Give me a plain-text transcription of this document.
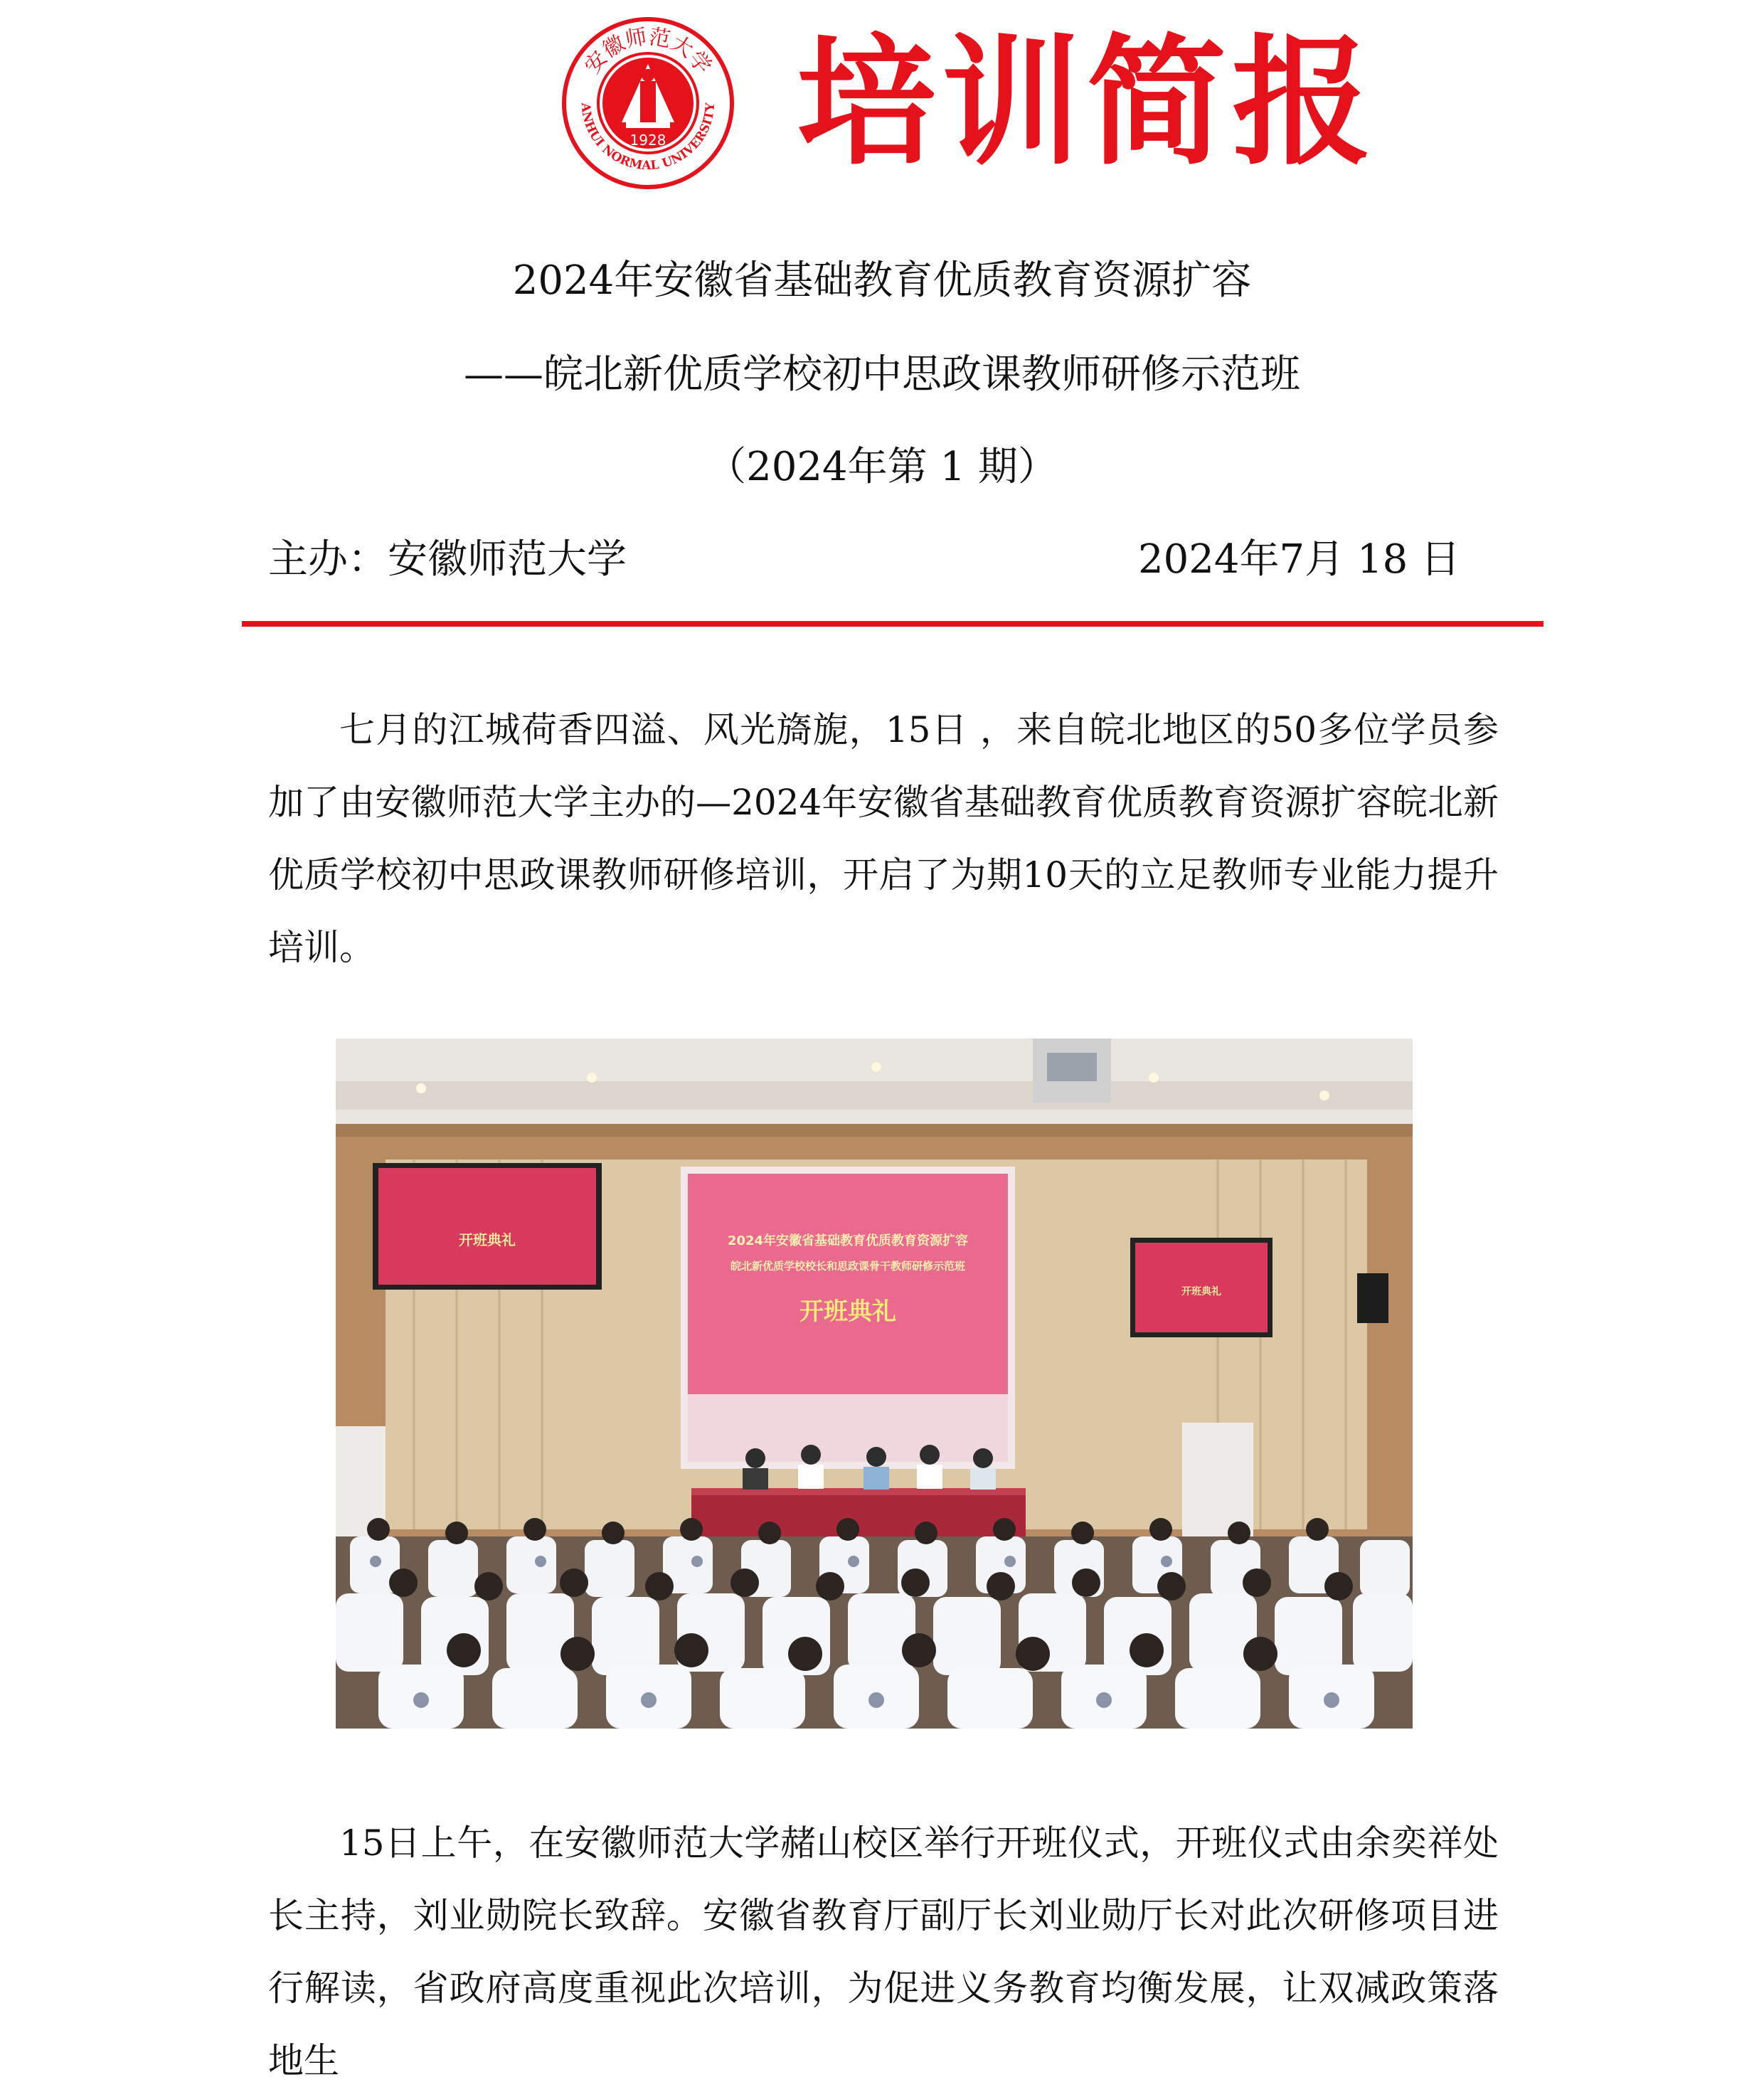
1928
安徽师范大学
ANHUI NORMAL UNIVERSITY 培训简报
2024年安徽省基础教育优质教育资源扩容
——皖北新优质学校初中思政课教师研修示范班
（2024年第 1 期）
主办：安徽师范大学	2024年7月 18 日

七月的江城荷香四溢、风光旖旎，15日 ，来自皖北地区的50多位学员参加了由安徽师范大学主办的—2024年安徽省基础教育优质教育资源扩容皖北新优质学校初中思政课教师研修培训，开启了为期10天的立足教师专业能力提升培训。

开班典礼
开班典礼
2024年安徽省基础教育优质教育资源扩容
皖北新优质学校校长和思政课骨干教师研修示范班
开班典礼

15日上午，在安徽师范大学赭山校区举行开班仪式，开班仪式由余奕祥处长主持，刘业勋院长致辞。安徽省教育厅副厅长刘业勋厅长对此次研修项目进行解读，省政府高度重视此次培训，为促进义务教育均衡发展，让双减政策落地生
